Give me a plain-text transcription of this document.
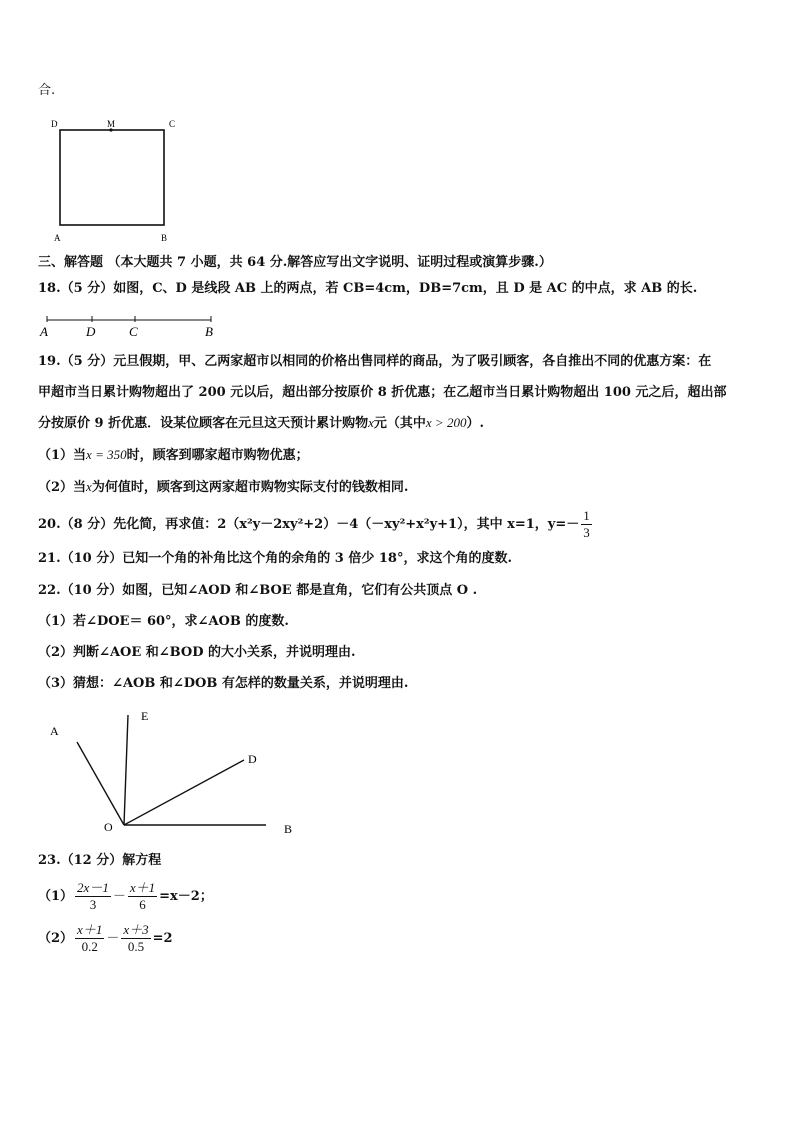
合.
D	M	C
A	B
三、解答题 （本大题共 7 小题，共 64 分.解答应写出文字说明、证明过程或演算步骤.）
18.（5 分）如图，C、D 是线段 AB 上的两点，若 CB=4cm，DB=7cm，且 D 是 AC 的中点，求 AB 的长.
A	D	C	B
19.（5 分）元旦假期，甲、乙两家超市以相同的价格出售同样的商品，为了吸引顾客，各自推出不同的优惠方案：在
甲超市当日累计购物超出了 200 元以后，超出部分按原价 8 折优惠；在乙超市当日累计购物超出 100 元之后，超出部
分按原价 9 折优惠．设某位顾客在元旦这天预计累计购物x元（其中x > 200）.
（1）当x = 350时，顾客到哪家超市购物优惠；
（2）当x为何值时，顾客到这两家超市购物实际支付的钱数相同.
20.（8 分）先化简，再求值：2（x²y－2xy²+2）－4（－xy²+x²y+1），其中 x=1，$y=- \frac{1}{3}$
21.（10 分）已知一个角的补角比这个角的余角的 3 倍少 18°，求这个角的度数.
22.（10 分）如图，已知∠AOD 和∠BOE 都是直角，它们有公共顶点 O .
（1）若∠DOE＝ 60°，求∠AOB 的度数.
（2）判断∠AOE 和∠BOD 的大小关系，并说明理由.
（3）猜想：∠AOB 和∠DOB 有怎样的数量关系，并说明理由.
A
E
D
O	B
23.（12 分）解方程
$(1) \frac{2x-1}{3} - \frac{x+1}{6} =x-2$；
$(2) \frac{x+1}{0.2} - \frac{x+3}{0.5} =2$
